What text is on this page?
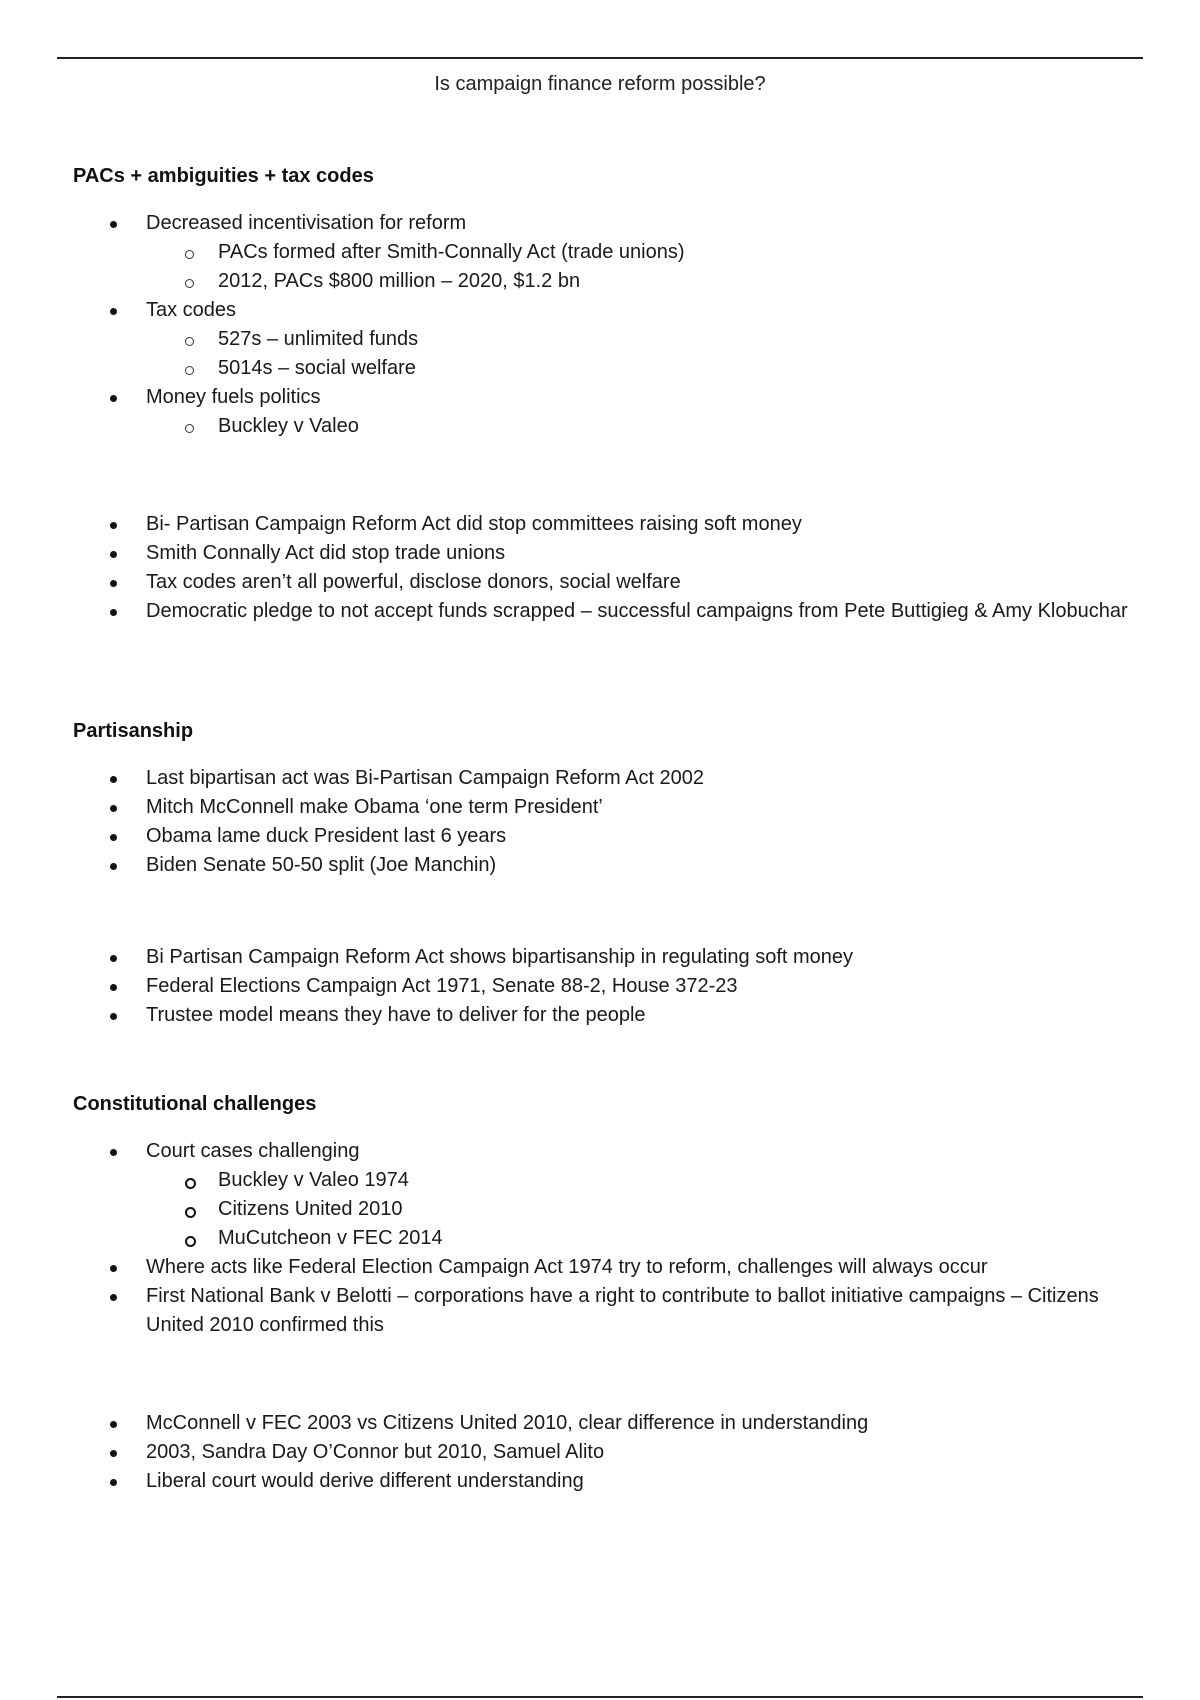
Is campaign finance reform possible?
PACs + ambiguities + tax codes
Decreased incentivisation for reform
PACs formed after Smith-Connally Act (trade unions)
2012, PACs $800 million – 2020, $1.2 bn
Tax codes
527s – unlimited funds
5014s – social welfare
Money fuels politics
Buckley v Valeo
Bi- Partisan Campaign Reform Act did stop committees raising soft money
Smith Connally Act did stop trade unions
Tax codes aren’t all powerful, disclose donors, social welfare
Democratic pledge to not accept funds scrapped – successful campaigns from Pete Buttigieg & Amy Klobuchar
Partisanship
Last bipartisan act was Bi-Partisan Campaign Reform Act 2002
Mitch McConnell make Obama ‘one term President’
Obama lame duck President last 6 years
Biden Senate 50-50 split (Joe Manchin)
Bi Partisan Campaign Reform Act shows bipartisanship in regulating soft money
Federal Elections Campaign Act 1971, Senate 88-2, House 372-23
Trustee model means they have to deliver for the people
Constitutional challenges
Court cases challenging
Buckley v Valeo 1974
Citizens United 2010
MuCutcheon v FEC 2014
Where acts like Federal Election Campaign Act 1974 try to reform, challenges will always occur
First National Bank v Belotti – corporations have a right to contribute to ballot initiative campaigns – Citizens United 2010 confirmed this
McConnell v FEC 2003 vs Citizens United 2010, clear difference in understanding
2003, Sandra Day O’Connor but 2010, Samuel Alito
Liberal court would derive different understanding
